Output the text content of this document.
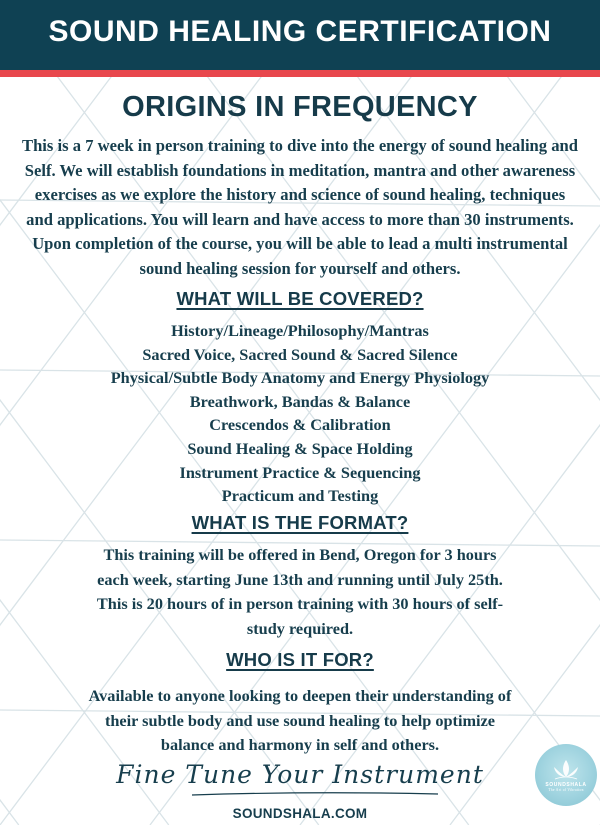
SOUND HEALING CERTIFICATION
ORIGINS IN FREQUENCY
This is a 7 week in person training to dive into the energy of sound healing and Self. We will establish foundations in meditation, mantra and other awareness exercises as we explore the history and science of sound healing, techniques and applications. You will learn and have access to more than 30 instruments. Upon completion of the course, you will be able to lead a multi instrumental sound healing session for yourself and others.
WHAT WILL BE COVERED?
History/Lineage/Philosophy/Mantras
Sacred Voice, Sacred Sound & Sacred Silence
Physical/Subtle Body Anatomy and Energy Physiology
Breathwork, Bandas & Balance
Crescendos & Calibration
Sound Healing & Space Holding
Instrument Practice & Sequencing
Practicum and Testing
WHAT IS THE FORMAT?
This training will be offered in Bend, Oregon for 3 hours
each week, starting June 13th and running until July 25th.
This is 20 hours of in person training with 30 hours of self-
study required.
WHO IS IT FOR?
Available to anyone looking to deepen their understanding of
their subtle body and use sound healing to help optimize
balance and harmony in self and others.
Fine Tune Your Instrument
SOUNDSHALA.COM
SOUNDSHALA
The Art of Vibration
